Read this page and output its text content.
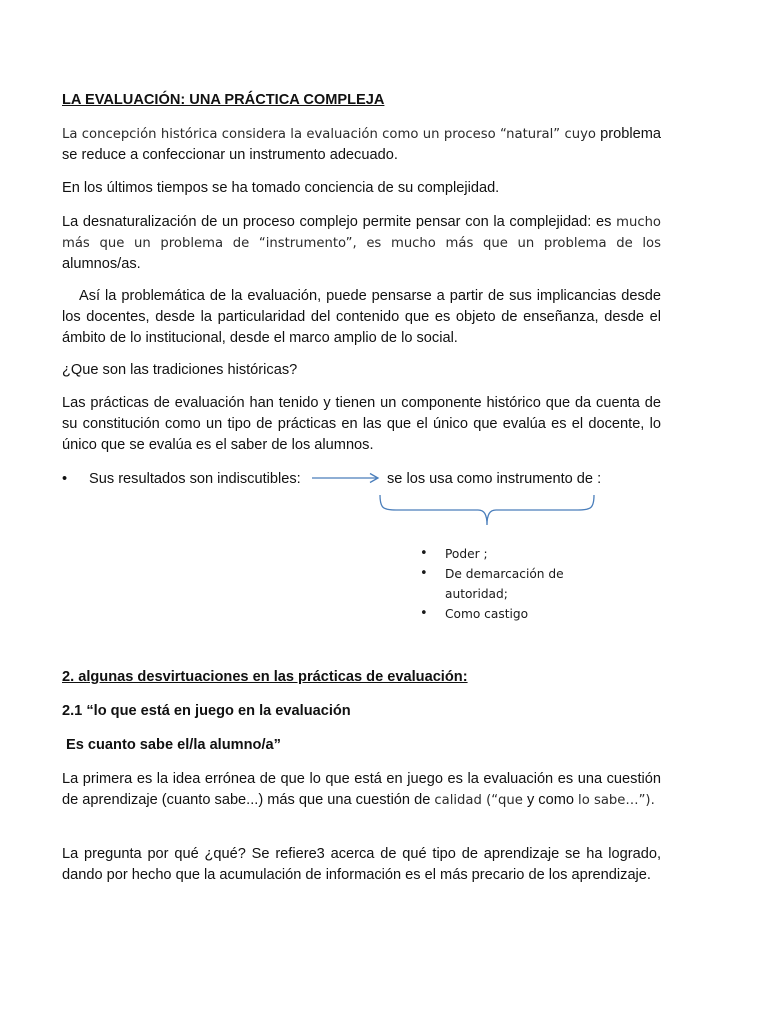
LA EVALUACIÓN: UNA PRÁCTICA COMPLEJA

La concepción histórica considera la evaluación como un proceso “natural” cuyo problema se reduce a confeccionar un instrumento adecuado.

En los últimos tiempos se ha tomado conciencia de su complejidad.

La desnaturalización de un proceso complejo permite pensar con la complejidad: es mucho más que un problema de “instrumento”, es mucho más que un problema de los alumnos/as.

Así la problemática de la evaluación, puede pensarse a partir de sus implicancias desde los docentes, desde la particularidad del contenido que es objeto de enseñanza, desde el ámbito de lo institucional, desde el marco amplio de lo social.

¿Que son las tradiciones históricas?

Las prácticas de evaluación han tenido y tienen un componente histórico que da cuenta de su constitución como un tipo de prácticas en las que el único que evalúa es el docente, lo único que se evalúa es el saber de los alumnos.

• Sus resultados son indiscutibles:	se los usa como instrumento de :
• Poder ;
• De demarcación de autoridad;
• Como castigo
2. algunas desvirtuaciones en las prácticas de evaluación:
2.1 “lo que está en juego en la evaluación
Es cuanto sabe el/la alumno/a”

La primera es la idea errónea de que lo que está en juego es la evaluación es una cuestión de aprendizaje (cuanto sabe...) más que una cuestión de calidad (“que y como lo sabe…”).

La pregunta por qué ¿qué? Se refiere3 acerca de qué tipo de aprendizaje se ha logrado, dando por hecho que la acumulación de información es el más precario de los aprendizaje.
